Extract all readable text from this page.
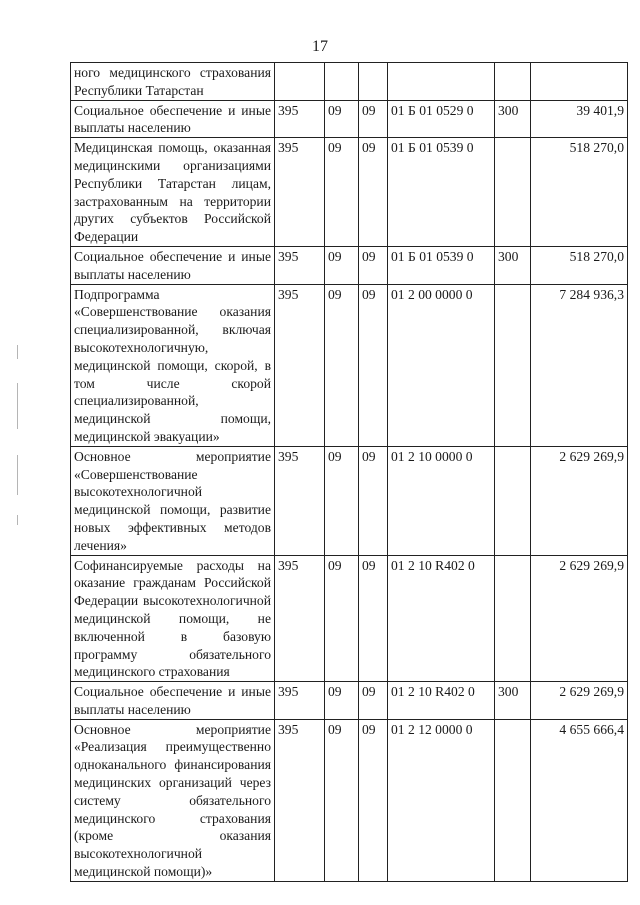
17
ного медицинского страхования Республики Татарстан						
Социальное обеспечение и иные выплаты населению	395	09	09	01 Б 01 0529 0	300	39 401,9
Медицинская помощь, оказанная медицинскими организациями Республики Татарстан лицам, застрахованным на территории других субъектов Российской Федерации	395	09	09	01 Б 01 0539 0		518 270,0
Социальное обеспечение и иные выплаты населению	395	09	09	01 Б 01 0539 0	300	518 270,0
Подпрограмма «Совершенствование оказания специализированной, включая высокотехнологичную, медицинской помощи, скорой, в том числе скорой специализированной, медицинской помощи, медицинской эвакуации»	395	09	09	01 2 00 0000 0		7 284 936,3
Основное мероприятие «Совершенствование высокотехнологичной медицинской помощи, развитие новых эффективных методов лечения»	395	09	09	01 2 10 0000 0		2 629 269,9
Софинансируемые расходы на оказание гражданам Российской Федерации высокотехнологичной медицинской помощи, не включенной в базовую программу обязательного медицинского страхования	395	09	09	01 2 10 R402 0		2 629 269,9
Социальное обеспечение и иные выплаты населению	395	09	09	01 2 10 R402 0	300	2 629 269,9
Основное мероприятие «Реализация преимущественно одноканального финансирования медицинских организаций через систему обязательного медицинского страхования (кроме оказания высокотехнологичной медицинской помощи)»	395	09	09	01 2 12 0000 0		4 655 666,4
